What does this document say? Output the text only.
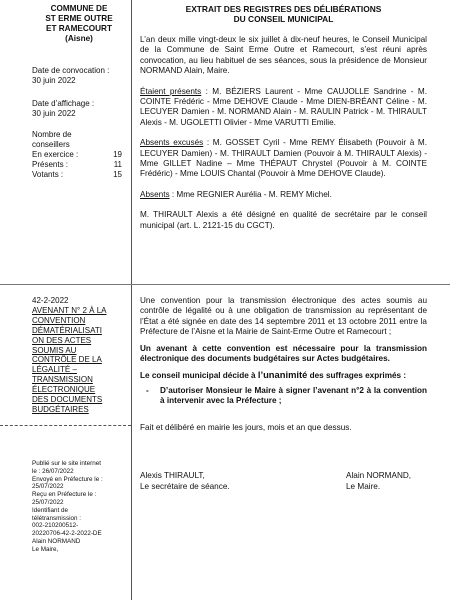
COMMUNE DE
ST ERME OUTRE
ET RAMECOURT
(Aisne)
EXTRAIT DES REGISTRES DES DÉLIBÉRATIONS
DU CONSEIL MUNICIPAL
Date de convocation :
30 juin 2022
Date d’affichage :
30 juin 2022
Nombre de
conseillers
En exercice :	19
Présents :	11
Votants :	15

L’an deux mille vingt-deux le six juillet à dix-neuf heures, le Conseil Municipal de la Commune de Saint Erme Outre et Ramecourt, s’est réuni après convocation, au lieu habituel de ses séances, sous la présidence de Monsieur NORMAND Alain, Maire.

Étaient présents : M. BÉZIERS Laurent - Mme CAUJOLLE Sandrine - M. COINTE Frédéric - Mme DEHOVE Claude - Mme DIEN-BRÉANT Céline - M. LECUYER Damien - M. NORMAND Alain - M. RAULIN Patrick - M. THIRAULT Alexis - M. UGOLETTI Olivier - Mme VARUTTI Emilie.

Absents excusés : M. GOSSET Cyril - Mme REMY Élisabeth (Pouvoir à M. LECUYER Damien) - M. THIRAULT Damien (Pouvoir à M. THIRAULT Alexis) - Mme GILLET Nadine – Mme THÉPAUT Chrystel (Pouvoir à M. COINTE Frédéric) - Mme LOUIS Chantal (Pouvoir à Mme DEHOVE Claude).

Absents : Mme REGNIER Aurélia - M. REMY Michel.

M. THIRAULT Alexis a été désigné en qualité de secrétaire par le conseil municipal (art. L. 2121-15 du CGCT).

42-2-2022
AVENANT N° 2 À LA
CONVENTION
DÉMATÉRIALISATI
ON DES ACTES
SOUMIS AU
CONTRÔLE DE LA
LÉGALITÉ –
TRANSMISSION
ÉLECTRONIQUE
DES DOCUMENTS
BUDGÉTAIRES

Une convention pour la transmission électronique des actes soumis au contrôle de légalité ou à une obligation de transmission au représentant de l’État a été signée en date des 14 septembre 2011 et 13 octobre 2011 entre la Préfecture de l’Aisne et la Mairie de Saint-Erme Outre et Ramecourt ;

Un avenant à cette convention est nécessaire pour la transmission électronique des documents budgétaires sur Actes budgétaires.

Le conseil municipal décide à l’unanimité des suffrages exprimés :

-	D’autoriser Monsieur le Maire à signer l’avenant n°2 à la convention à intervenir avec la Préfecture ;

Fait et délibéré en mairie les jours, mois et an que dessus.

Alexis THIRAULT,
Le secrétaire de séance.
Alain NORMAND,
Le Maire.
Publié sur le site internet
le : 26/07/2022
Envoyé en Préfecture le :
25/07/2022
Reçu en Préfecture le :
25/07/2022
Identifiant de
télétransmission :
002-210200512-
20220706-42-2-2022-DE
Alain NORMAND
Le Maire,
